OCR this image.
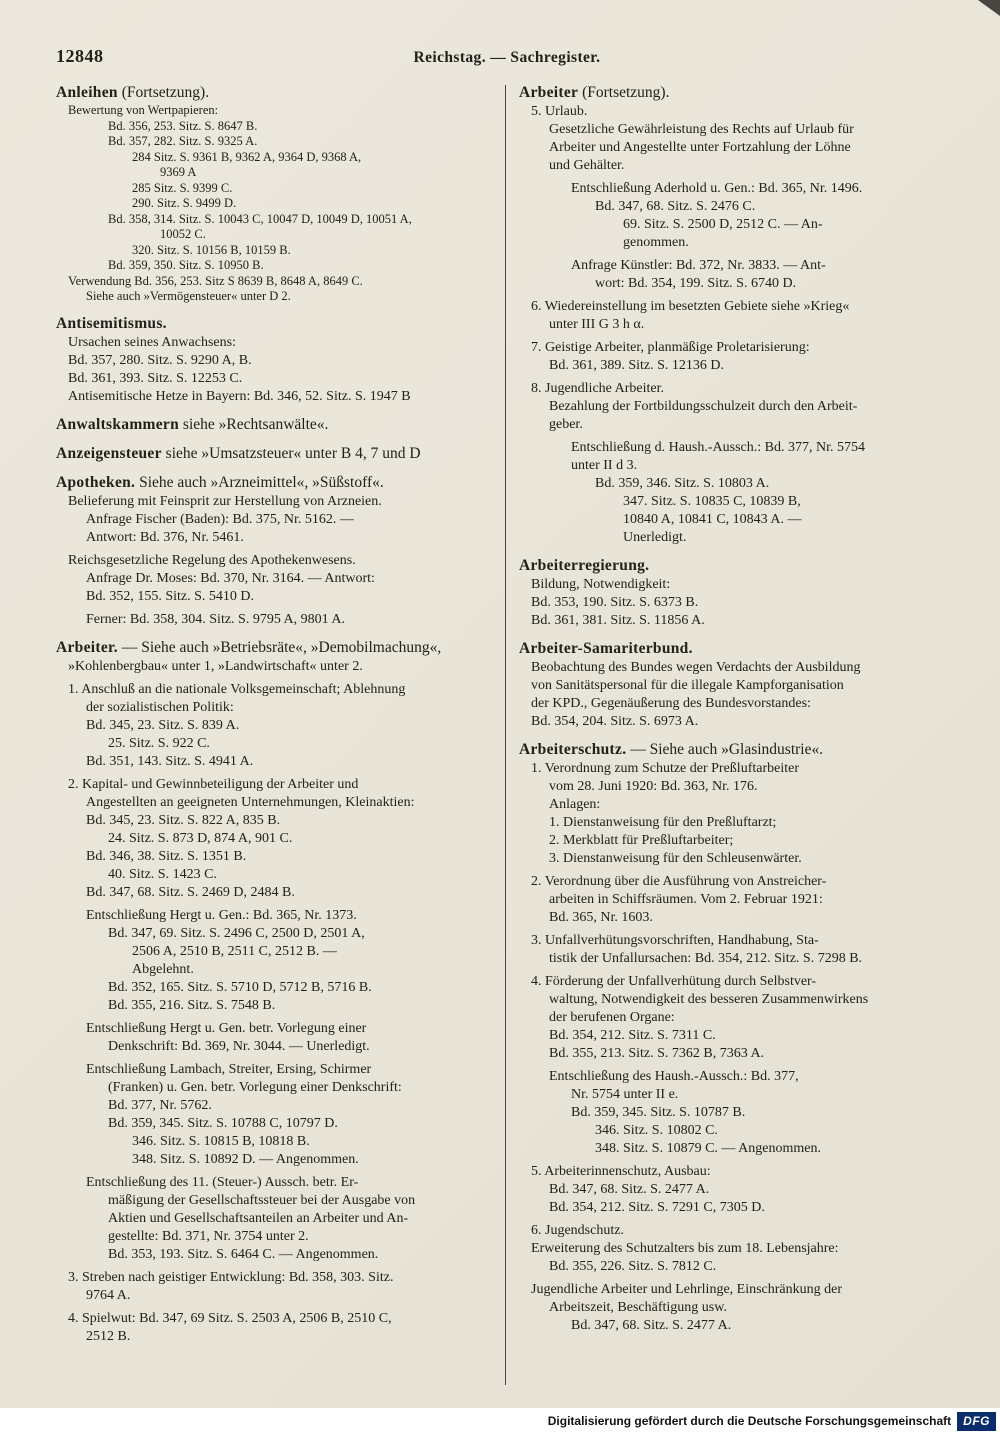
12848	Reichstag. — Sachregister.
Anleihen (Fortsetzung).
Bewertung von Wertpapieren:
Bd. 356, 253. Sitz. S. 8647 B.
Bd. 357, 282. Sitz. S. 9325 A.
284 Sitz. S. 9361 B, 9362 A, 9364 D, 9368 A,
9369 A
285 Sitz. S. 9399 C.
290. Sitz. S. 9499 D.
Bd. 358, 314. Sitz. S. 10043 C, 10047 D, 10049 D, 10051 A,
10052 C.
320. Sitz. S. 10156 B, 10159 B.
Bd. 359, 350. Sitz. S. 10950 B.
Verwendung Bd. 356, 253. Sitz S 8639 B, 8648 A, 8649 C.
Siehe auch »Vermögensteuer« unter D 2.
Antisemitismus.
Ursachen seines Anwachsens:
Bd. 357, 280. Sitz. S. 9290 A, B.
Bd. 361, 393. Sitz. S. 12253 C.
Antisemitische Hetze in Bayern: Bd. 346, 52. Sitz. S. 1947 B
Anwaltskammern siehe »Rechtsanwälte«.
Anzeigensteuer siehe »Umsatzsteuer« unter B 4, 7 und D
Apotheken. Siehe auch »Arzneimittel«, »Süßstoff«.
Belieferung mit Feinsprit zur Herstellung von Arzneien.
Anfrage Fischer (Baden): Bd. 375, Nr. 5162. —
Antwort: Bd. 376, Nr. 5461.
Reichsgesetzliche Regelung des Apothekenwesens.
Anfrage Dr. Moses: Bd. 370, Nr. 3164. — Antwort:
Bd. 352, 155. Sitz. S. 5410 D.
Ferner: Bd. 358, 304. Sitz. S. 9795 A, 9801 A.
Arbeiter. — Siehe auch »Betriebsräte«, »Demobilmachung«,
»Kohlenbergbau« unter 1, »Landwirtschaft« unter 2.
1. Anschluß an die nationale Volksgemeinschaft; Ablehnung
der sozialistischen Politik:
Bd. 345, 23. Sitz. S. 839 A.
25. Sitz. S. 922 C.
Bd. 351, 143. Sitz. S. 4941 A.
2. Kapital- und Gewinnbeteiligung der Arbeiter und
Angestellten an geeigneten Unternehmungen, Kleinaktien:
Bd. 345, 23. Sitz. S. 822 A, 835 B.
24. Sitz. S. 873 D, 874 A, 901 C.
Bd. 346, 38. Sitz. S. 1351 B.
40. Sitz. S. 1423 C.
Bd. 347, 68. Sitz. S. 2469 D, 2484 B.
Entschließung Hergt u. Gen.: Bd. 365, Nr. 1373.
Bd. 347, 69. Sitz. S. 2496 C, 2500 D, 2501 A,
2506 A, 2510 B, 2511 C, 2512 B. —
Abgelehnt.
Bd. 352, 165. Sitz. S. 5710 D, 5712 B, 5716 B.
Bd. 355, 216. Sitz. S. 7548 B.
Entschließung Hergt u. Gen. betr. Vorlegung einer
Denkschrift: Bd. 369, Nr. 3044. — Unerledigt.
Entschließung Lambach, Streiter, Ersing, Schirmer
(Franken) u. Gen. betr. Vorlegung einer Denkschrift:
Bd. 377, Nr. 5762.
Bd. 359, 345. Sitz. S. 10788 C, 10797 D.
346. Sitz. S. 10815 B, 10818 B.
348. Sitz. S. 10892 D. — Angenommen.
Entschließung des 11. (Steuer-) Aussch. betr. Er-
mäßigung der Gesellschaftssteuer bei der Ausgabe von
Aktien und Gesellschaftsanteilen an Arbeiter und An-
gestellte: Bd. 371, Nr. 3754 unter 2.
Bd. 353, 193. Sitz. S. 6464 C. — Angenommen.
3. Streben nach geistiger Entwicklung: Bd. 358, 303. Sitz.
9764 A.
4. Spielwut: Bd. 347, 69 Sitz. S. 2503 A, 2506 B, 2510 C,
2512 B.
Arbeiter (Fortsetzung).
5. Urlaub.
Gesetzliche Gewährleistung des Rechts auf Urlaub für
Arbeiter und Angestellte unter Fortzahlung der Löhne
und Gehälter.
Entschließung Aderhold u. Gen.: Bd. 365, Nr. 1496.
Bd. 347, 68. Sitz. S. 2476 C.
69. Sitz. S. 2500 D, 2512 C. — An-
genommen.
Anfrage Künstler: Bd. 372, Nr. 3833. — Ant-
wort: Bd. 354, 199. Sitz. S. 6740 D.
6. Wiedereinstellung im besetzten Gebiete siehe »Krieg«
unter III G 3 h α.
7. Geistige Arbeiter, planmäßige Proletarisierung:
Bd. 361, 389. Sitz. S. 12136 D.
8. Jugendliche Arbeiter.
Bezahlung der Fortbildungsschulzeit durch den Arbeit-
geber.
Entschließung d. Haush.-Aussch.: Bd. 377, Nr. 5754
unter II d 3.
Bd. 359, 346. Sitz. S. 10803 A.
347. Sitz. S. 10835 C, 10839 B,
10840 A, 10841 C, 10843 A. —
Unerledigt.
Arbeiterregierung.
Bildung, Notwendigkeit:
Bd. 353, 190. Sitz. S. 6373 B.
Bd. 361, 381. Sitz. S. 11856 A.
Arbeiter-Samariterbund.
Beobachtung des Bundes wegen Verdachts der Ausbildung
von Sanitätspersonal für die illegale Kampforganisation
der KPD., Gegenäußerung des Bundesvorstandes:
Bd. 354, 204. Sitz. S. 6973 A.
Arbeiterschutz. — Siehe auch »Glasindustrie«.
1. Verordnung zum Schutze der Preßluftarbeiter
vom 28. Juni 1920: Bd. 363, Nr. 176.
Anlagen:
1. Dienstanweisung für den Preßluftarzt;
2. Merkblatt für Preßluftarbeiter;
3. Dienstanweisung für den Schleusenwärter.
2. Verordnung über die Ausführung von Anstreicher-
arbeiten in Schiffsräumen. Vom 2. Februar 1921:
Bd. 365, Nr. 1603.
3. Unfallverhütungsvorschriften, Handhabung, Sta-
tistik der Unfallursachen: Bd. 354, 212. Sitz. S. 7298 B.
4. Förderung der Unfallverhütung durch Selbstver-
waltung, Notwendigkeit des besseren Zusammenwirkens
der berufenen Organe:
Bd. 354, 212. Sitz. S. 7311 C.
Bd. 355, 213. Sitz. S. 7362 B, 7363 A.
Entschließung des Haush.-Aussch.: Bd. 377,
Nr. 5754 unter II e.
Bd. 359, 345. Sitz. S. 10787 B.
346. Sitz. S. 10802 C.
348. Sitz. S. 10879 C. — Angenommen.
5. Arbeiterinnenschutz, Ausbau:
Bd. 347, 68. Sitz. S. 2477 A.
Bd. 354, 212. Sitz. S. 7291 C, 7305 D.
6. Jugendschutz.
Erweiterung des Schutzalters bis zum 18. Lebensjahre:
Bd. 355, 226. Sitz. S. 7812 C.
Jugendliche Arbeiter und Lehrlinge, Einschränkung der
Arbeitszeit, Beschäftigung usw.
Bd. 347, 68. Sitz. S. 2477 A.
Digitalisierung gefördert durch die Deutsche Forschungsgemeinschaft	DFG
